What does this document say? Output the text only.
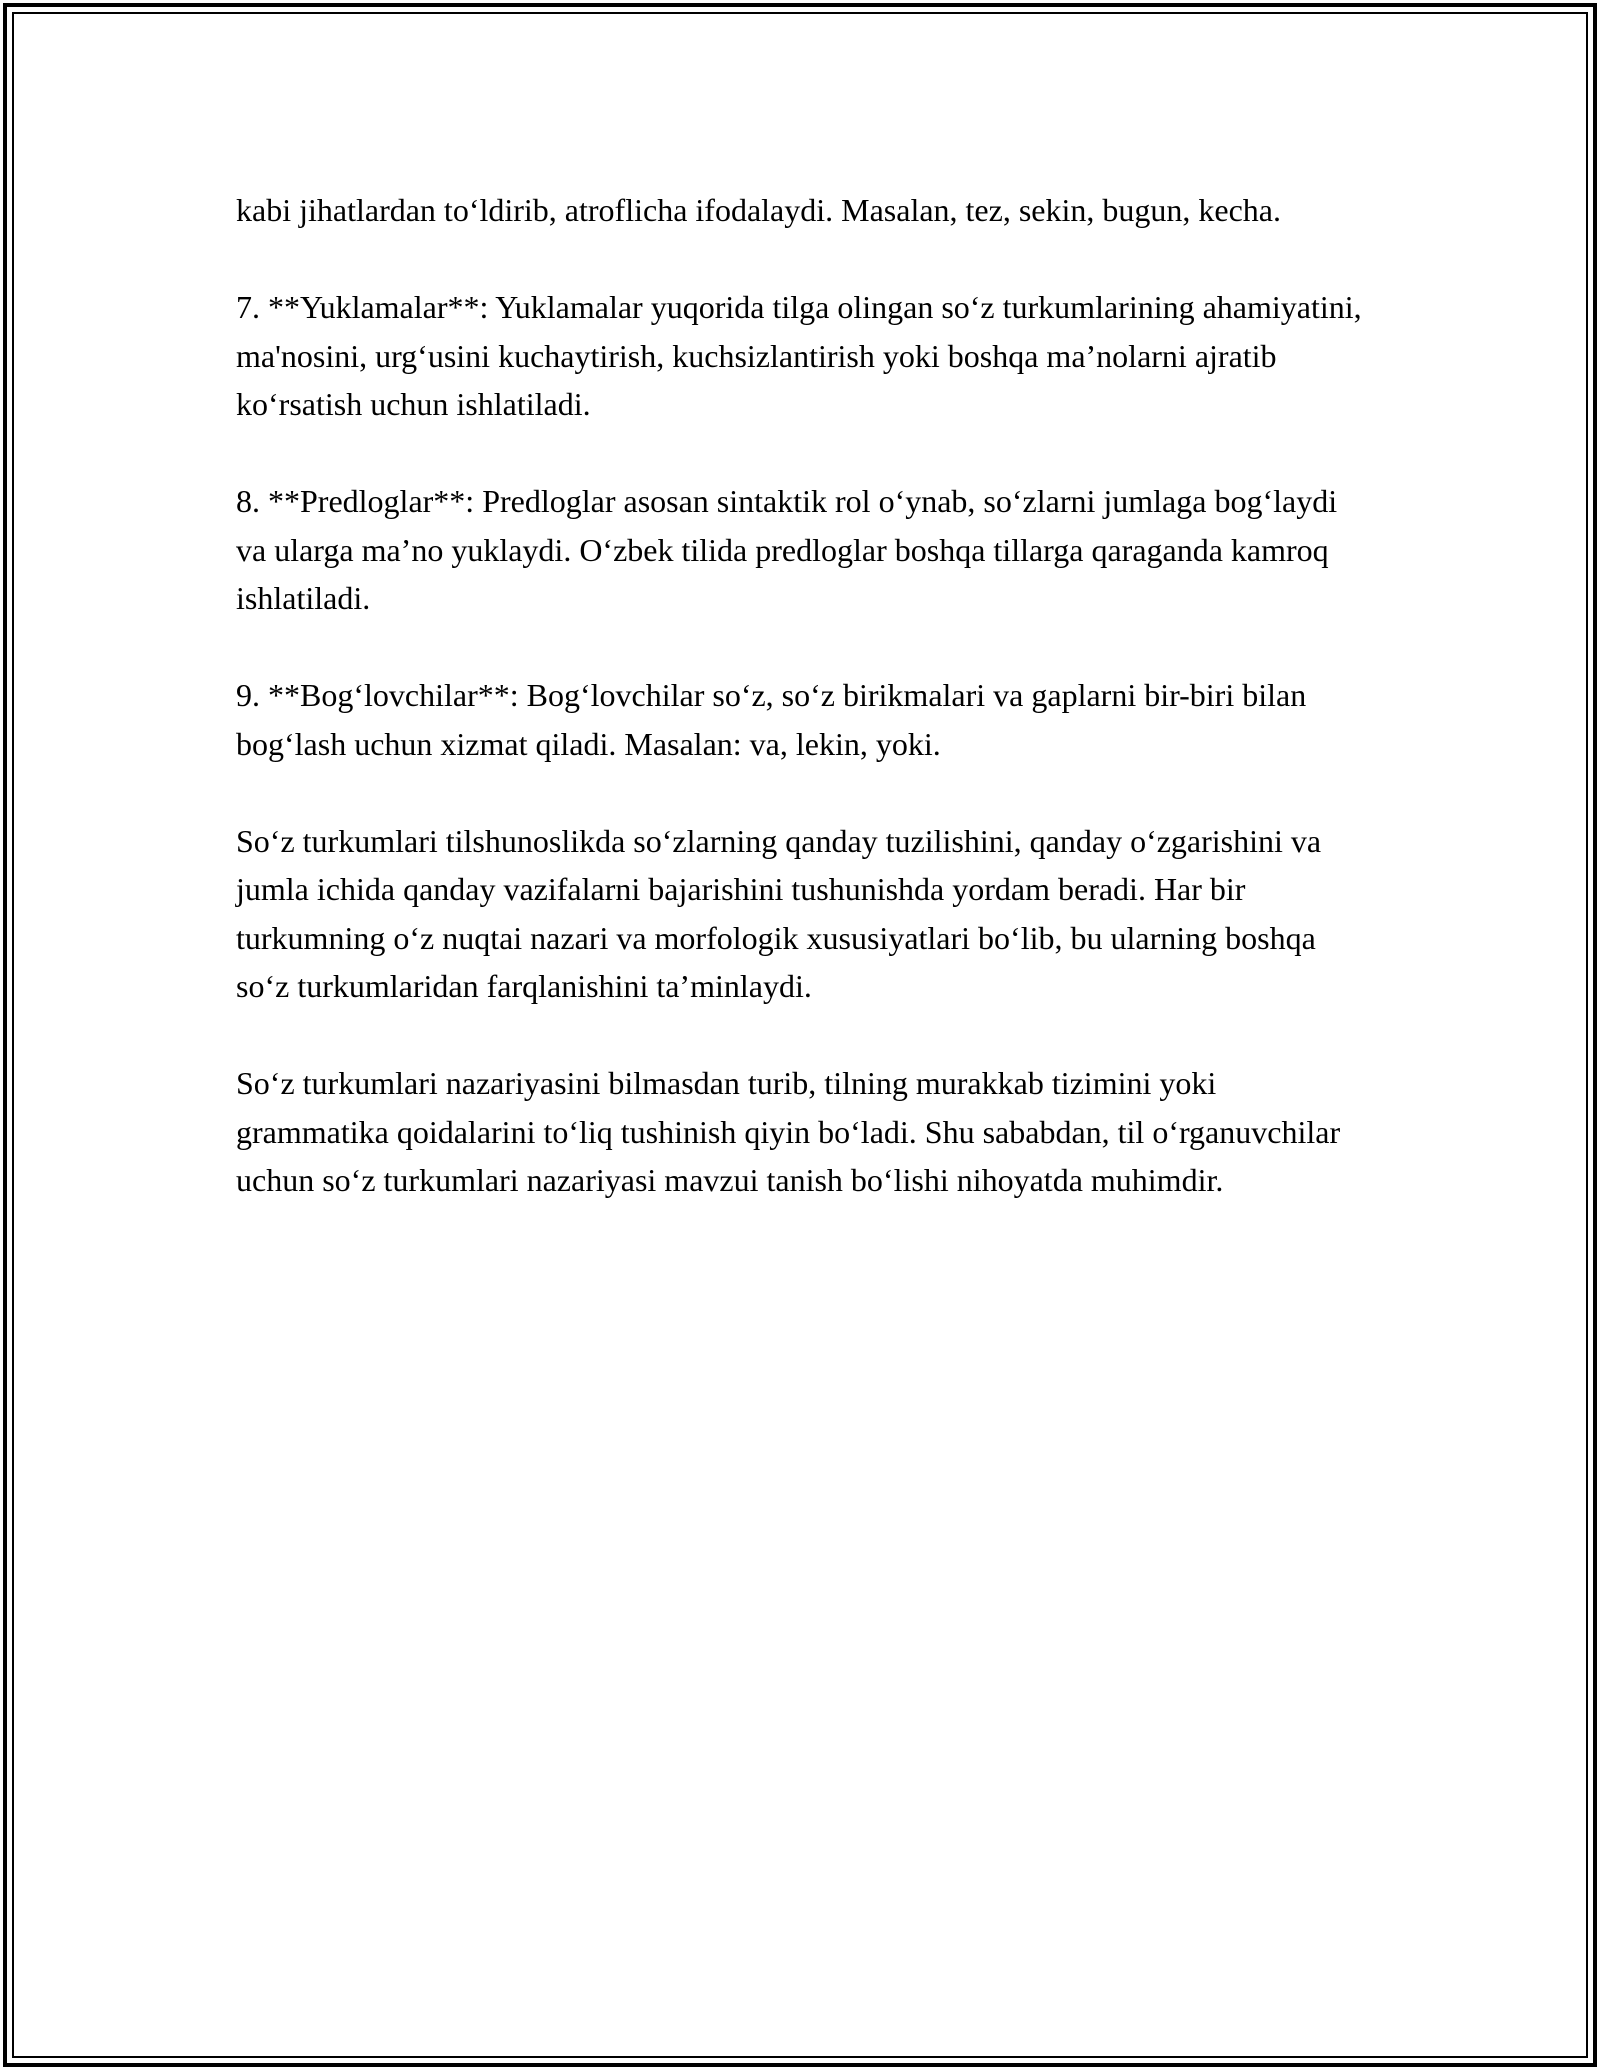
kabi jihatlardan to‘ldirib, atroflicha ifodalaydi. Masalan, tez, sekin, bugun, kecha.

7. **Yuklamalar**: Yuklamalar yuqorida tilga olingan so‘z turkumlarining ahamiyatini, ma'nosini, urg‘usini kuchaytirish, kuchsizlantirish yoki boshqa ma’nolarni ajratib ko‘rsatish uchun ishlatiladi.

8. **Predloglar**: Predloglar asosan sintaktik rol o‘ynab, so‘zlarni jumlaga bog‘laydi va ularga ma’no yuklaydi. O‘zbek tilida predloglar boshqa tillarga qaraganda kamroq ishlatiladi.

9. **Bog‘lovchilar**: Bog‘lovchilar so‘z, so‘z birikmalari va gaplarni bir-biri bilan bog‘lash uchun xizmat qiladi. Masalan: va, lekin, yoki.

So‘z turkumlari tilshunoslikda so‘zlarning qanday tuzilishini, qanday o‘zgarishini va jumla ichida qanday vazifalarni bajarishini tushunishda yordam beradi. Har bir turkumning o‘z nuqtai nazari va morfologik xususiyatlari bo‘lib, bu ularning boshqa so‘z turkumlaridan farqlanishini ta’minlaydi.

So‘z turkumlari nazariyasini bilmasdan turib, tilning murakkab tizimini yoki grammatika qoidalarini to‘liq tushinish qiyin bo‘ladi. Shu sababdan, til o‘rganuvchilar uchun so‘z turkumlari nazariyasi mavzui tanish bo‘lishi nihoyatda muhimdir.
